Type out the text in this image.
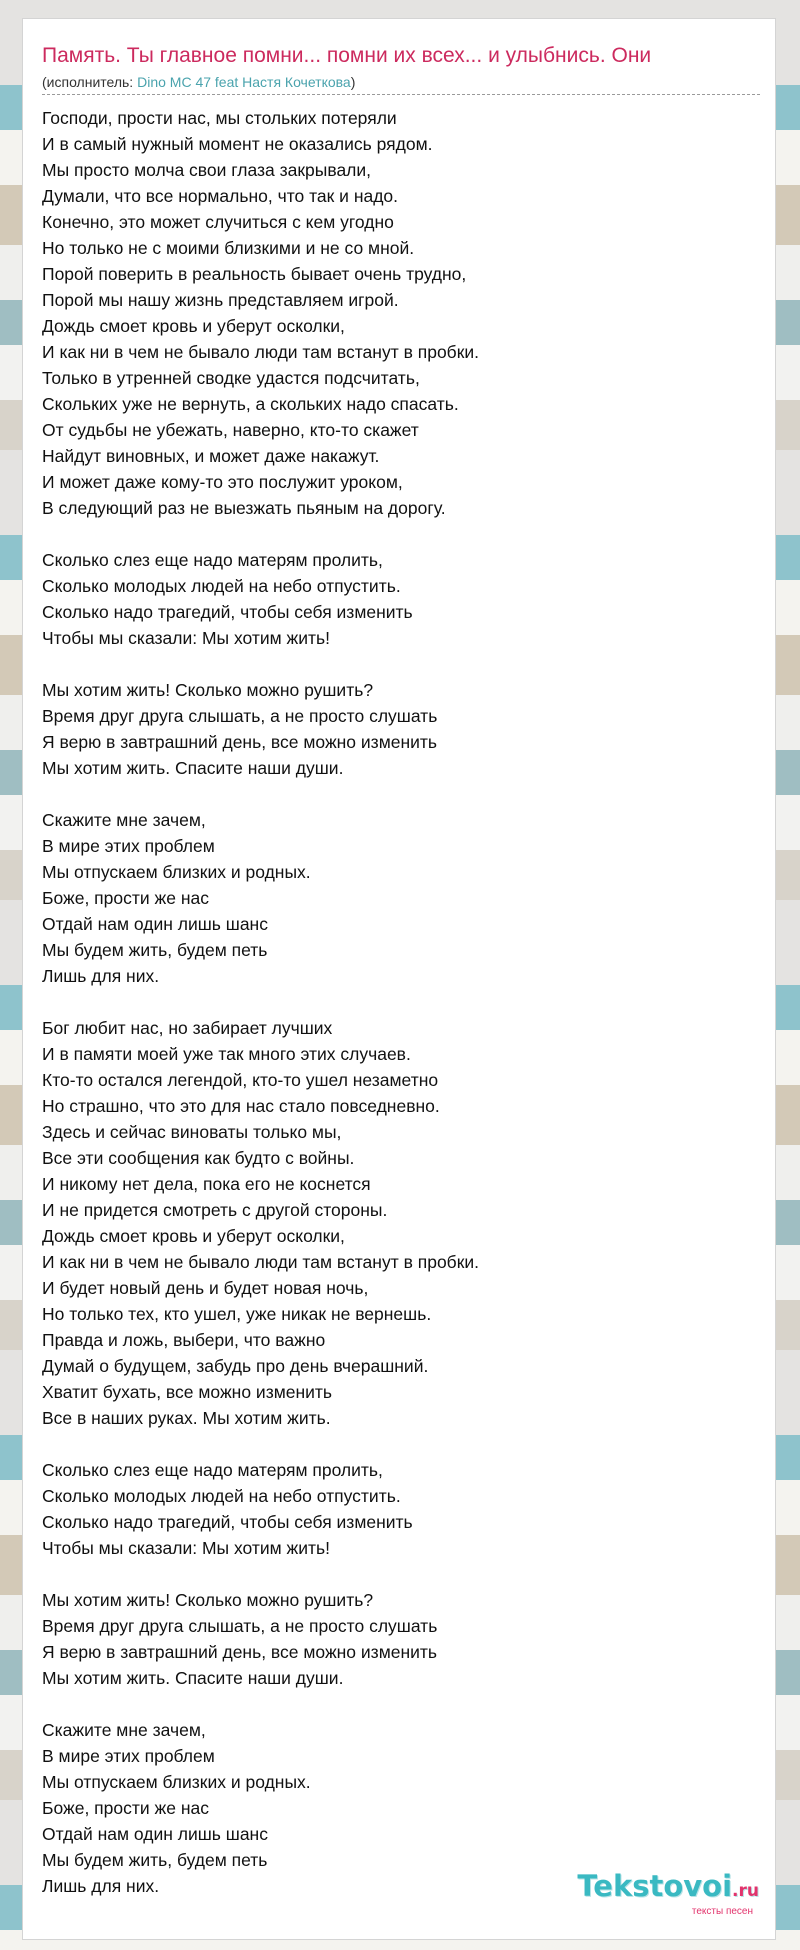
Память. Ты главное помни... помни их всех... и улыбнись. Они
(исполнитель: Dino MC 47 feat Настя Кочеткова)
Господи, прости нас, мы стольких потеряли
И в самый нужный момент не оказались рядом.
Мы просто молча свои глаза закрывали,
Думали, что все нормально, что так и надо.
Конечно, это может случиться с кем угодно
Но только не с моими близкими и не со мной.
Порой поверить в реальность бывает очень трудно,
Порой мы нашу жизнь представляем игрой.
Дождь смоет кровь и уберут осколки,
И как ни в чем не бывало люди там встанут в пробки.
Только в утренней сводке удастся подсчитать,
Скольких уже не вернуть, а скольких надо спасать.
От судьбы не убежать, наверно, кто-то скажет
Найдут виновных, и может даже накажут.
И может даже кому-то это послужит уроком,
В следующий раз не выезжать пьяным на дорогу.
Сколько слез еще надо матерям пролить,
Сколько молодых людей на небо отпустить.
Сколько надо трагедий, чтобы себя изменить
Чтобы мы сказали: Мы хотим жить!
Мы хотим жить! Сколько можно рушить?
Время друг друга слышать, а не просто слушать
Я верю в завтрашний день, все можно изменить
Мы хотим жить. Спасите наши души.
Скажите мне зачем,
В мире этих проблем
Мы отпускаем близких и родных.
Боже, прости же нас
Отдай нам один лишь шанс
Мы будем жить, будем петь
Лишь для них.
Бог любит нас, но забирает лучших
И в памяти моей уже так много этих случаев.
Кто-то остался легендой, кто-то ушел незаметно
Но страшно, что это для нас стало повседневно.
Здесь и сейчас виноваты только мы,
Все эти сообщения как будто с войны.
И никому нет дела, пока его не коснется
И не придется смотреть с другой стороны.
Дождь смоет кровь и уберут осколки,
И как ни в чем не бывало люди там встанут в пробки.
И будет новый день и будет новая ночь,
Но только тех, кто ушел, уже никак не вернешь.
Правда и ложь, выбери, что важно
Думай о будущем, забудь про день вчерашний.
Хватит бухать, все можно изменить
Все в наших руках. Мы хотим жить.
Сколько слез еще надо матерям пролить,
Сколько молодых людей на небо отпустить.
Сколько надо трагедий, чтобы себя изменить
Чтобы мы сказали: Мы хотим жить!
Мы хотим жить! Сколько можно рушить?
Время друг друга слышать, а не просто слушать
Я верю в завтрашний день, все можно изменить
Мы хотим жить. Спасите наши души.
Скажите мне зачем,
В мире этих проблем
Мы отпускаем близких и родных.
Боже, прости же нас
Отдай нам один лишь шанс
Мы будем жить, будем петь
Лишь для них.	Tekstovoi.ru
тексты песен
